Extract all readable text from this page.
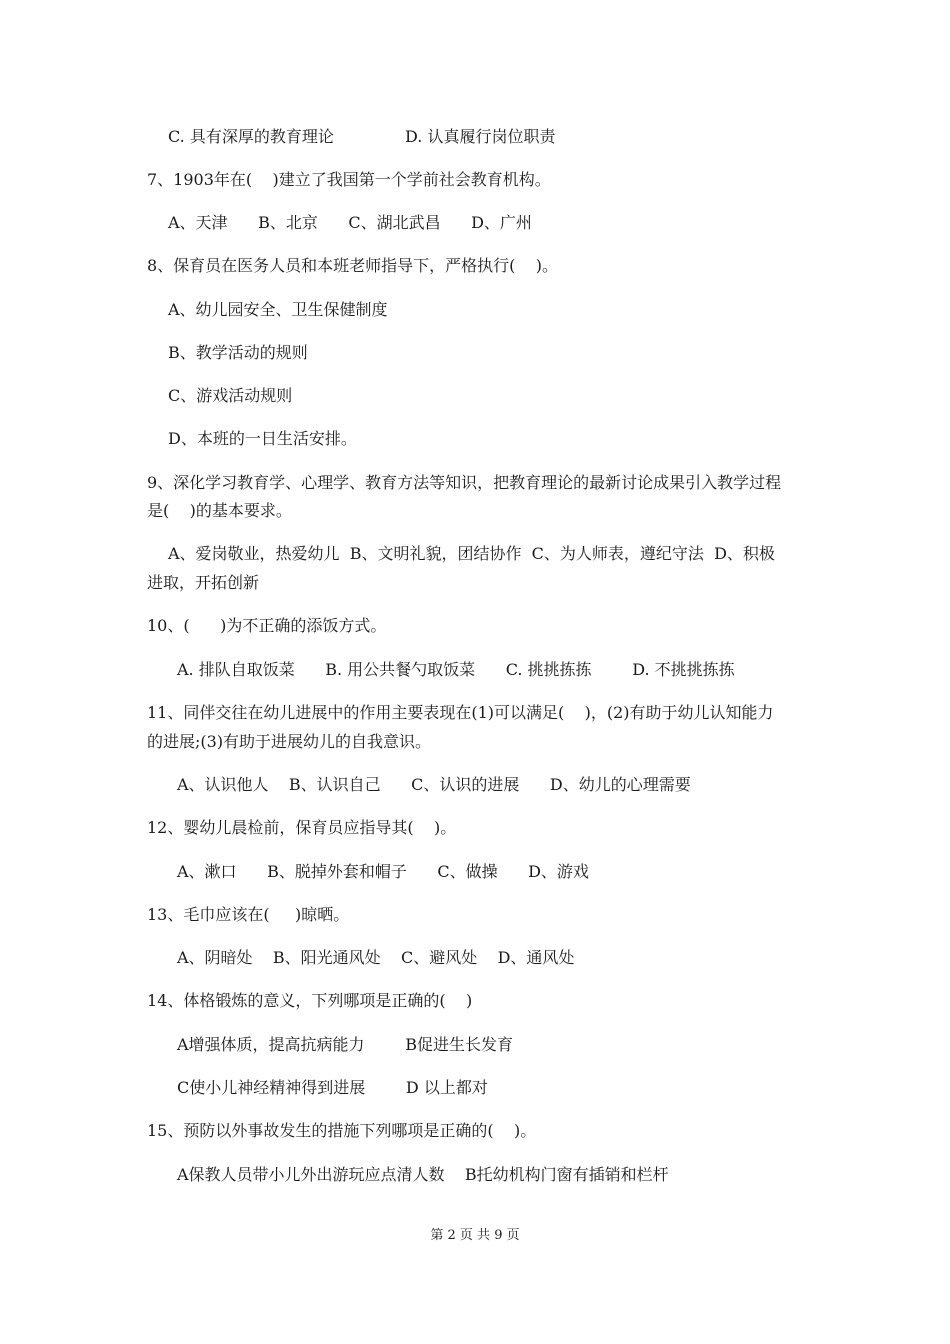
C. 具有深厚的教育理论              D. 认真履行岗位职责
7、1903年在(    )建立了我国第一个学前社会教育机构。
A、天津      B、北京      C、湖北武昌      D、广州
8、保育员在医务人员和本班老师指导下，严格执行(    )。
A、幼儿园安全、卫生保健制度
B、教学活动的规则
C、游戏活动规则
D、本班的一日生活安排。
9、深化学习教育学、心理学、教育方法等知识，把教育理论的最新讨论成果引入教学过程
是(    )的基本要求。
A、爱岗敬业，热爱幼儿  B、文明礼貌，团结协作  C、为人师表，遵纪守法  D、积极
进取，开拓创新
10、(      )为不正确的添饭方式。
A. 排队自取饭菜      B. 用公共餐勺取饭菜      C. 挑挑拣拣        D. 不挑挑拣拣
11、同伴交往在幼儿进展中的作用主要表现在(1)可以满足(    )，(2)有助于幼儿认知能力
的进展;(3)有助于进展幼儿的自我意识。
A、认识他人    B、认识自己      C、认识的进展      D、幼儿的心理需要
12、婴幼儿晨检前，保育员应指导其(    )。
A、漱口      B、脱掉外套和帽子      C、做操      D、游戏
13、毛巾应该在(     )晾晒。
A、阴暗处    B、阳光通风处    C、避风处    D、通风处
14、体格锻炼的意义，下列哪项是正确的(    )
A增强体质，提高抗病能力        B促进生长发育
C使小儿神经精神得到进展        D 以上都对
15、预防以外事故发生的措施下列哪项是正确的(    )。
A保教人员带小儿外出游玩应点清人数    B托幼机构门窗有插销和栏杆
第 2 页 共 9 页
